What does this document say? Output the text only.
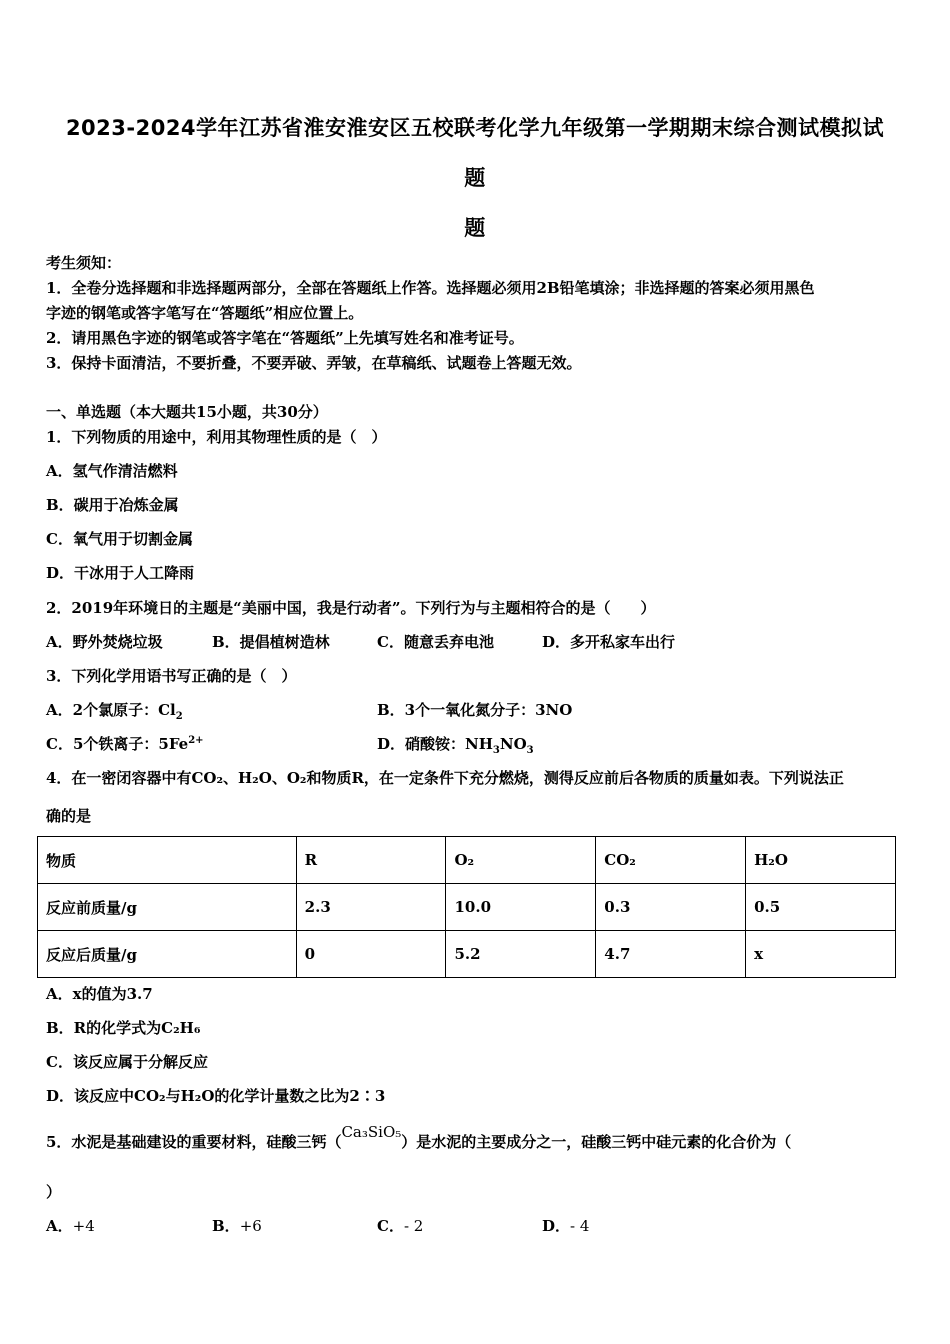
2023-2024学年江苏省淮安淮安区五校联考化学九年级第一学期期末综合测试模拟试
题
题
考生须知：
1．全卷分选择题和非选择题两部分，全部在答题纸上作答。选择题必须用2B铅笔填涂；非选择题的答案必须用黑色
字迹的钢笔或答字笔写在“答题纸”相应位置上。
2．请用黑色字迹的钢笔或答字笔在“答题纸”上先填写姓名和准考证号。
3．保持卡面清洁，不要折叠，不要弄破、弄皱，在草稿纸、试题卷上答题无效。
一、单选题（本大题共15小题，共30分）
1．下列物质的用途中，利用其物理性质的是（　）
A．氢气作清洁燃料
B．碳用于冶炼金属
C．氧气用于切割金属
D．干冰用于人工降雨
2．2019年环境日的主题是“美丽中国，我是行动者”。下列行为与主题相符合的是（　　）
A．野外焚烧垃圾	B．提倡植树造林	C．随意丢弃电池	D．多开私家车出行
3．下列化学用语书写正确的是（　）
A．2个氯原子：$Cl_2$	B．3个一氧化氮分子：3NO
C．5个铁离子：$5Fe^{2+}$	D．硝酸铵：$NH_3NO_3$
4．在一密闭容器中有CO₂、H₂O、O₂和物质R，在一定条件下充分燃烧，测得反应前后各物质的质量如表。下列说法正
确的是
物质	R	O₂	CO₂	H₂O
反应前质量/g	2.3	10.0	0.3	0.5
反应后质量/g	0	5.2	4.7	x
A．x的值为3.7
B．R的化学式为C₂H₆
C．该反应属于分解反应
D．该反应中CO₂与H₂O的化学计量数之比为2∶3
5．水泥是基础建设的重要材料，硅酸三钙（Ca₃SiO₅）是水泥的主要成分之一，硅酸三钙中硅元素的化合价为（
）
A．+4	B．+6	C．- 2	D．- 4
